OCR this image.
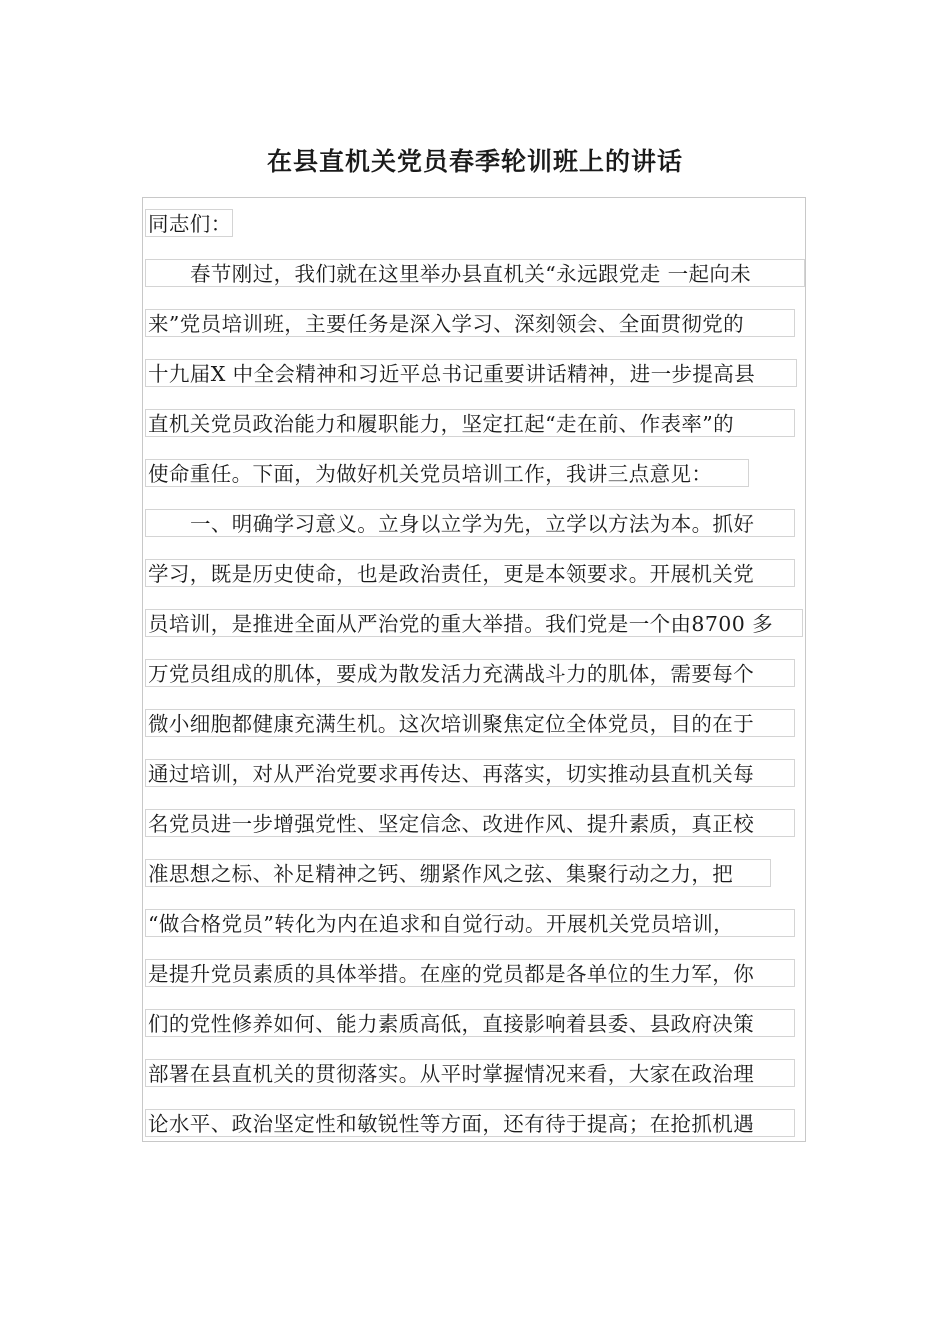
在县直机关党员春季轮训班上的讲话
同志们：
春节刚过，我们就在这里举办县直机关“永远跟党走 一起向未
来”党员培训班，主要任务是深入学习、深刻领会、全面贯彻党的
十九届X 中全会精神和习近平总书记重要讲话精神，进一步提高县
直机关党员政治能力和履职能力，坚定扛起“走在前、作表率”的
使命重任。下面，为做好机关党员培训工作，我讲三点意见：
一、明确学习意义。立身以立学为先，立学以方法为本。抓好
学习，既是历史使命，也是政治责任，更是本领要求。开展机关党
员培训，是推进全面从严治党的重大举措。我们党是一个由8700 多
万党员组成的肌体，要成为散发活力充满战斗力的肌体，需要每个
微小细胞都健康充满生机。这次培训聚焦定位全体党员，目的在于
通过培训，对从严治党要求再传达、再落实，切实推动县直机关每
名党员进一步增强党性、坚定信念、改进作风、提升素质，真正校
准思想之标、补足精神之钙、绷紧作风之弦、集聚行动之力，把
“做合格党员”转化为内在追求和自觉行动。开展机关党员培训，
是提升党员素质的具体举措。在座的党员都是各单位的生力军，你
们的党性修养如何、能力素质高低，直接影响着县委、县政府决策
部署在县直机关的贯彻落实。从平时掌握情况来看，大家在政治理
论水平、政治坚定性和敏锐性等方面，还有待于提高；在抢抓机遇
